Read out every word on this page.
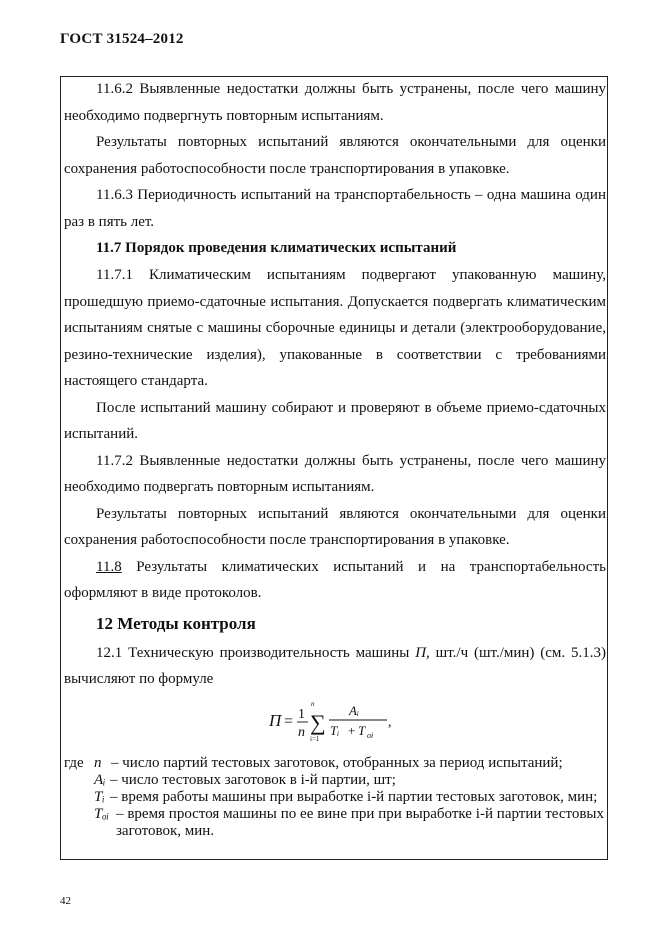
ГОСТ 31524–2012

11.6.2 Выявленные недостатки должны быть устранены, после чего машину необходимо подвергнуть повторным испытаниям.

Результаты повторных испытаний являются окончательными для оценки сохранения работоспособности после транспортирования в упаковке.

11.6.3 Периодичность испытаний на транспортабельность – одна машина один раз в пять лет.

11.7 Порядок проведения климатических испытаний

11.7.1 Климатическим испытаниям подвергают упакованную машину, прошедшую приемо-сдаточные испытания. Допускается подвергать климатическим испытаниям снятые с машины сборочные единицы и детали (электрооборудование, резино-технические изделия), упакованные в соответствии с требованиями настоящего стандарта.

После испытаний машину собирают и проверяют в объеме приемо-сдаточных испытаний.

11.7.2 Выявленные недостатки должны быть устранены, после чего машину необходимо подвергать повторным испытаниям.

Результаты повторных испытаний являются окончательными для оценки сохранения работоспособности после транспортирования в упаковке.

11.8 Результаты климатических испытаний и на транспортабельность оформляют в виде протоколов.

12 Методы контроля

12.1 Техническую производительность машины П, шт./ч (шт./мин) (см. 5.1.3) вычисляют по формуле

П = 1
n
n
∑
i=1
Aᵢ
Tᵢ + T oi
,
где n – число партий тестовых заготовок, отобранных за период испытаний;
Aᵢ – число тестовых заготовок в i-й партии, шт;
Tᵢ – время работы машины при выработке i-й партии тестовых заготовок, мин;
Tₒᵢ – время простоя машины по ее вине при при выработке i-й партии тестовых заготовок, мин.
42
